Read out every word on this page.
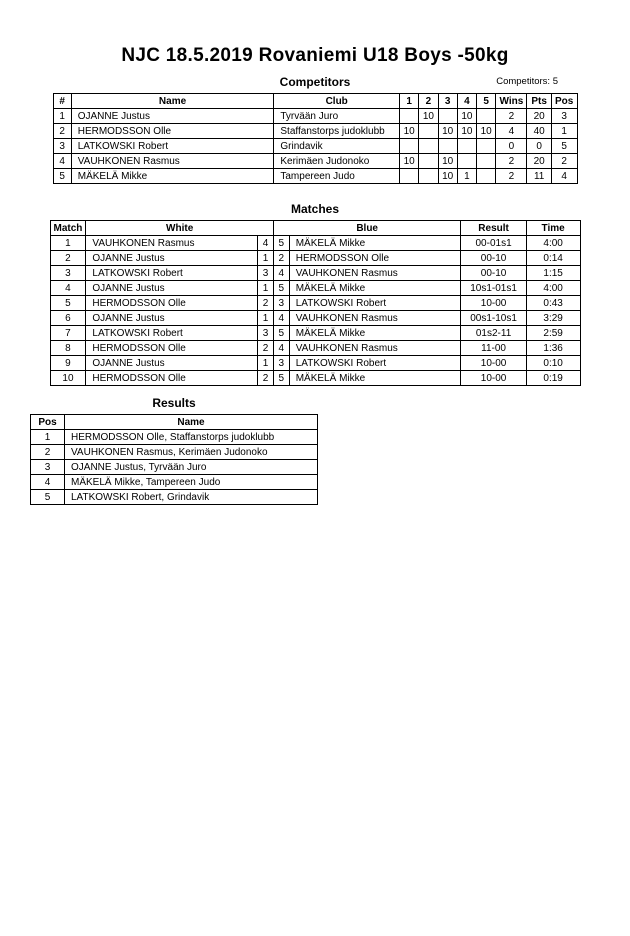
NJC 18.5.2019 Rovaniemi U18 Boys -50kg
Competitors	Competitors: 5
#	Name	Club	1	2	3	4	5	Wins	Pts	Pos
1	OJANNE Justus	Tyrvään Juro		10		10		2	20	3
2	HERMODSSON Olle	Staffanstorps judoklubb	10		10	10	10	4	40	1
3	LATKOWSKI Robert	Grindavik						0	0	5
4	VAUHKONEN Rasmus	Kerimäen Judonoko	10		10			2	20	2
5	MÄKELÄ Mikke	Tampereen Judo			10	1		2	11	4
Matches
Match	White		Blue		Result	Time
1	VAUHKONEN Rasmus	4	5	MÄKELÄ Mikke	00-01s1	4:00
2	OJANNE Justus	1	2	HERMODSSON Olle	00-10	0:14
3	LATKOWSKI Robert	3	4	VAUHKONEN Rasmus	00-10	1:15
4	OJANNE Justus	1	5	MÄKELÄ Mikke	10s1-01s1	4:00
5	HERMODSSON Olle	2	3	LATKOWSKI Robert	10-00	0:43
6	OJANNE Justus	1	4	VAUHKONEN Rasmus	00s1-10s1	3:29
7	LATKOWSKI Robert	3	5	MÄKELÄ Mikke	01s2-11	2:59
8	HERMODSSON Olle	2	4	VAUHKONEN Rasmus	11-00	1:36
9	OJANNE Justus	1	3	LATKOWSKI Robert	10-00	0:10
10	HERMODSSON Olle	2	5	MÄKELÄ Mikke	10-00	0:19
Results
Pos	Name
1	HERMODSSON Olle, Staffanstorps judoklubb
2	VAUHKONEN Rasmus, Kerimäen Judonoko
3	OJANNE Justus, Tyrvään Juro
4	MÄKELÄ Mikke, Tampereen Judo
5	LATKOWSKI Robert, Grindavik
